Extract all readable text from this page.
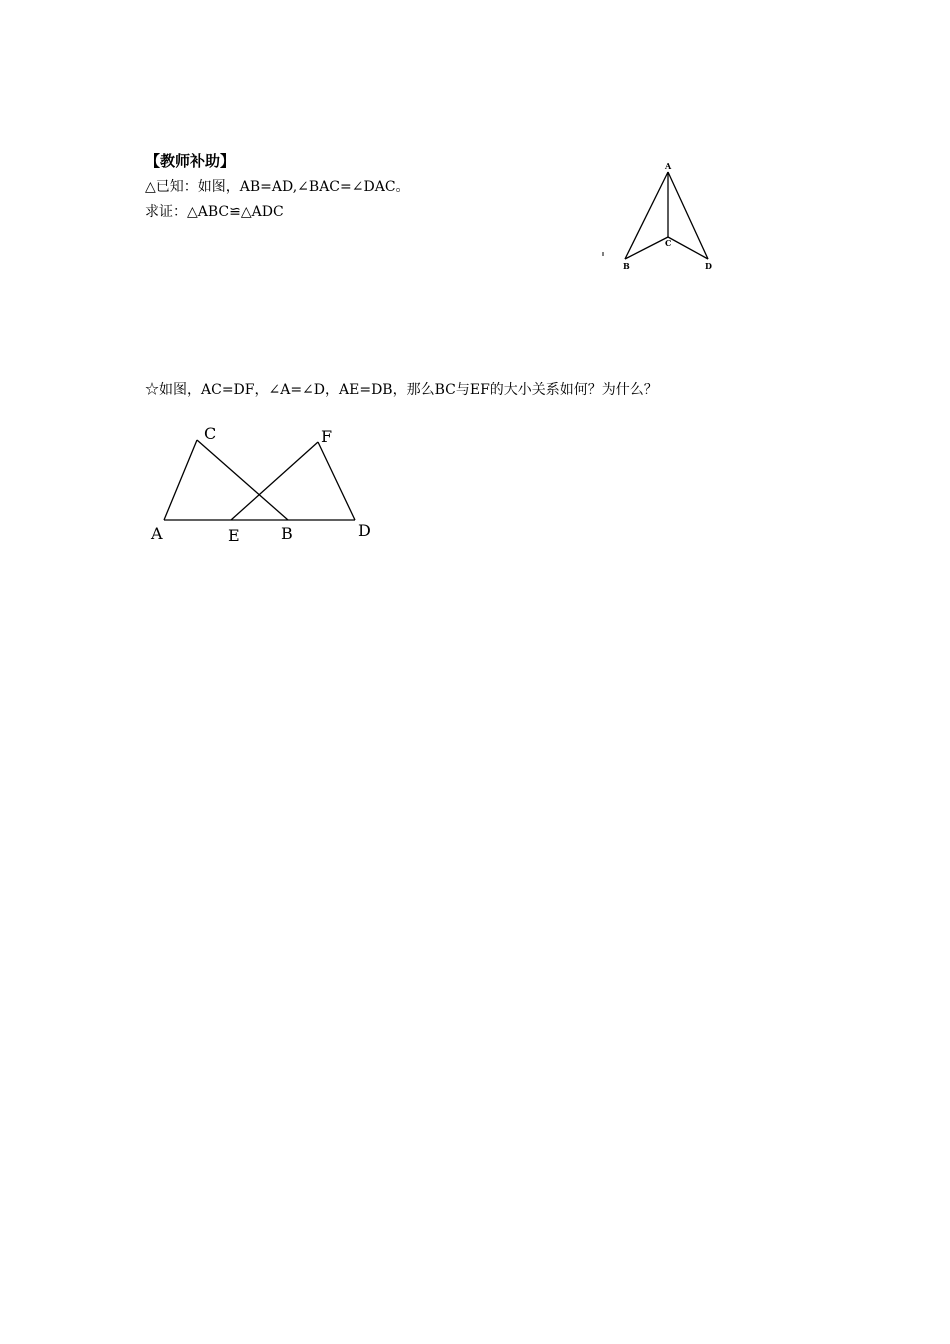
【教师补助】
△已知：如图，AB=AD,∠BAC=∠DAC。
求证：△ABC≌△ADC
A
B
C
D
☆如图，AC=DF，∠A=∠D，AE=DB，那么BC与EF的大小关系如何？为什么？
A	E	B	D
C	F
